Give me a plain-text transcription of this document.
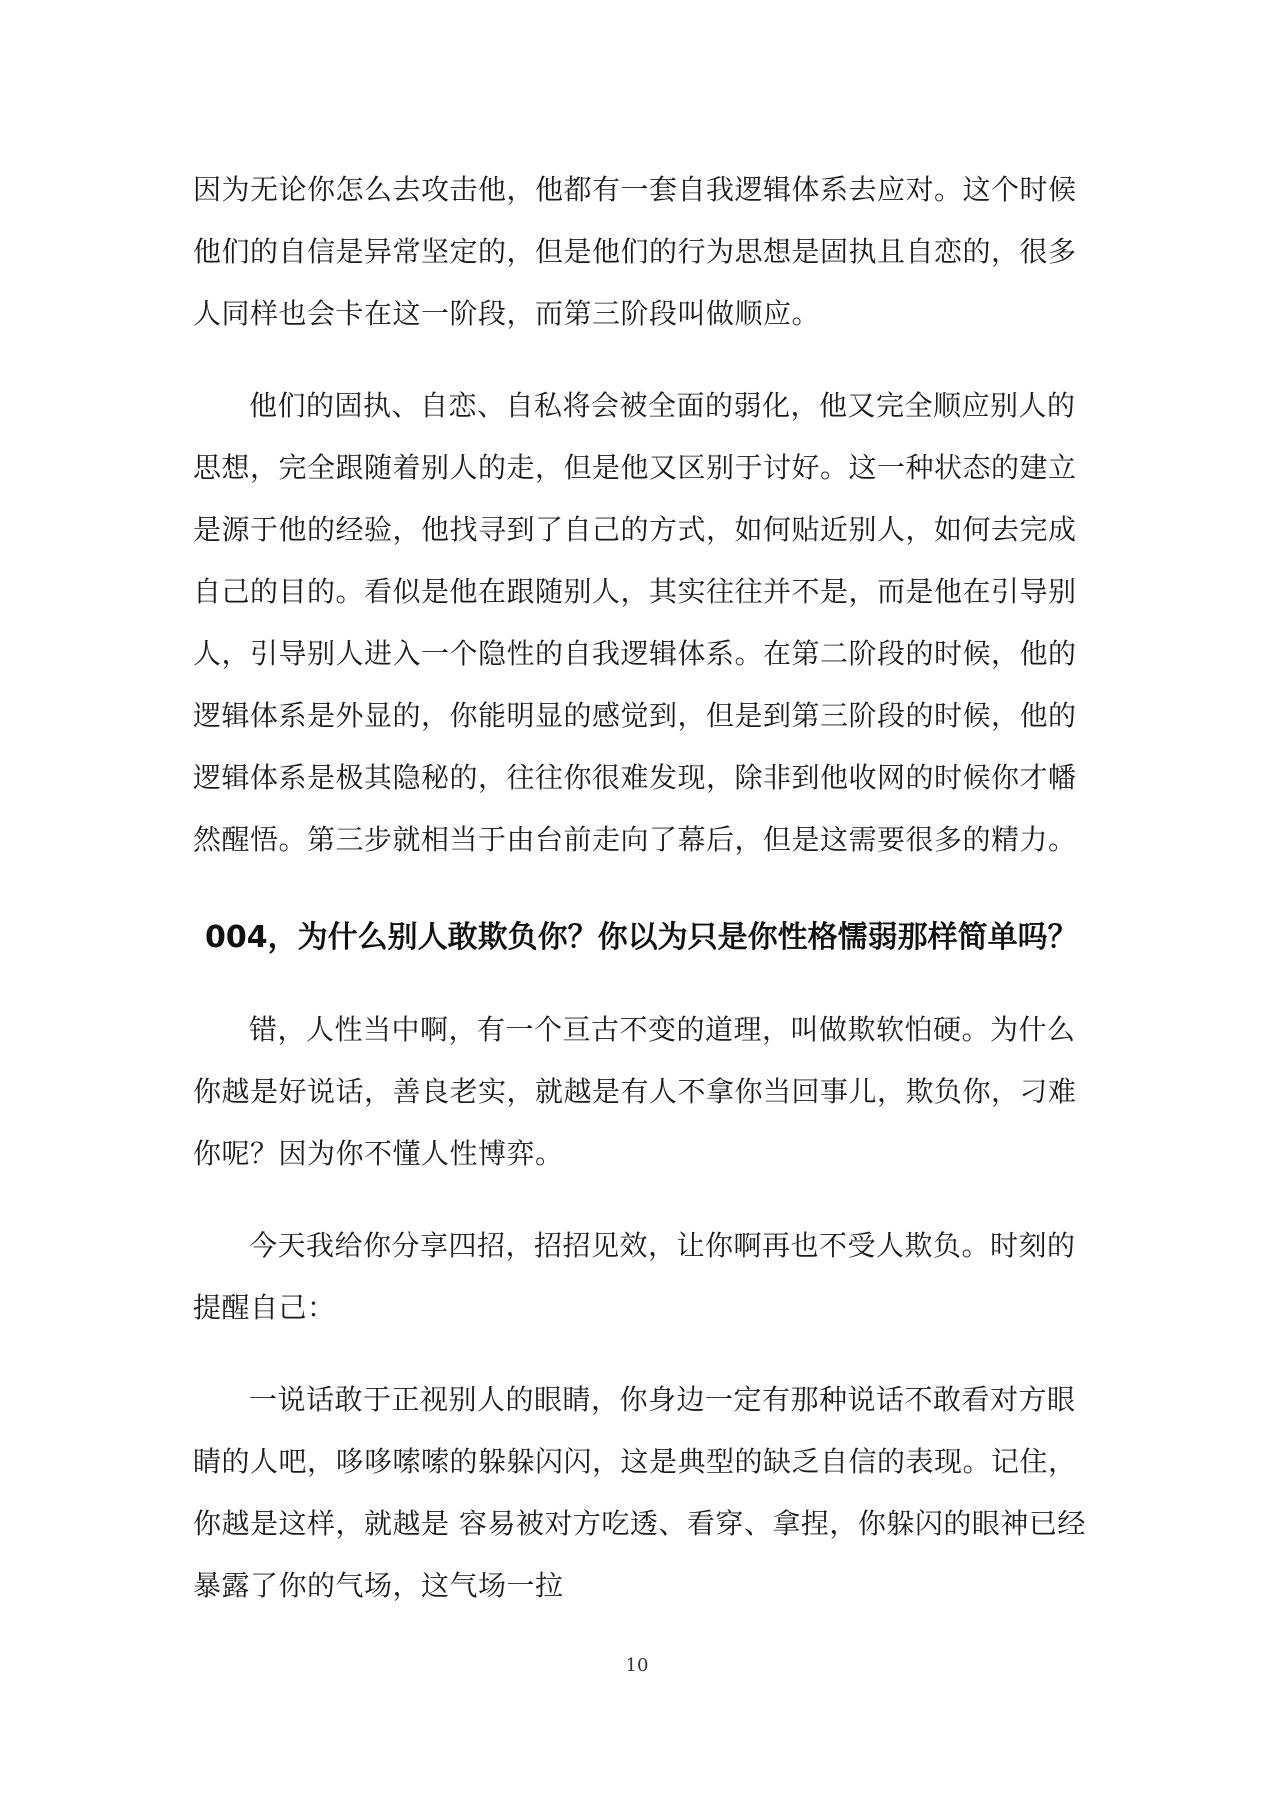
因为无论你怎么去攻击他，他都有一套自我逻辑体系去应对。这个时候他们的自信是异常坚定的，但是他们的行为思想是固执且自恋的，很多人同样也会卡在这一阶段，而第三阶段叫做顺应。

他们的固执、自恋、自私将会被全面的弱化，他又完全顺应别人的思想，完全跟随着别人的走，但是他又区别于讨好。这一种状态的建立是源于他的经验，他找寻到了自己的方式，如何贴近别人，如何去完成自己的目的。看似是他在跟随别人，其实往往并不是，而是他在引导别人，引导别人进入一个隐性的自我逻辑体系。在第二阶段的时候，他的逻辑体系是外显的，你能明显的感觉到，但是到第三阶段的时候，他的逻辑体系是极其隐秘的，往往你很难发现，除非到他收网的时候你才幡然醒悟。第三步就相当于由台前走向了幕后，但是这需要很多的精力。

004，为什么别人敢欺负你？你以为只是你性格懦弱那样简单吗？

错，人性当中啊，有一个亘古不变的道理，叫做欺软怕硬。为什么你越是好说话，善良老实，就越是有人不拿你当回事儿，欺负你，刁难你呢？因为你不懂人性博弈。

今天我给你分享四招，招招见效，让你啊再也不受人欺负。时刻的提醒自己：

一说话敢于正视别人的眼睛，你身边一定有那种说话不敢看对方眼睛的人吧，哆哆嗦嗦的躲躲闪闪，这是典型的缺乏自信的表现。记住，你越是这样，就越是 容易被对方吃透、看穿、拿捏，你躲闪的眼神已经暴露了你的气场，这气场一拉

10
